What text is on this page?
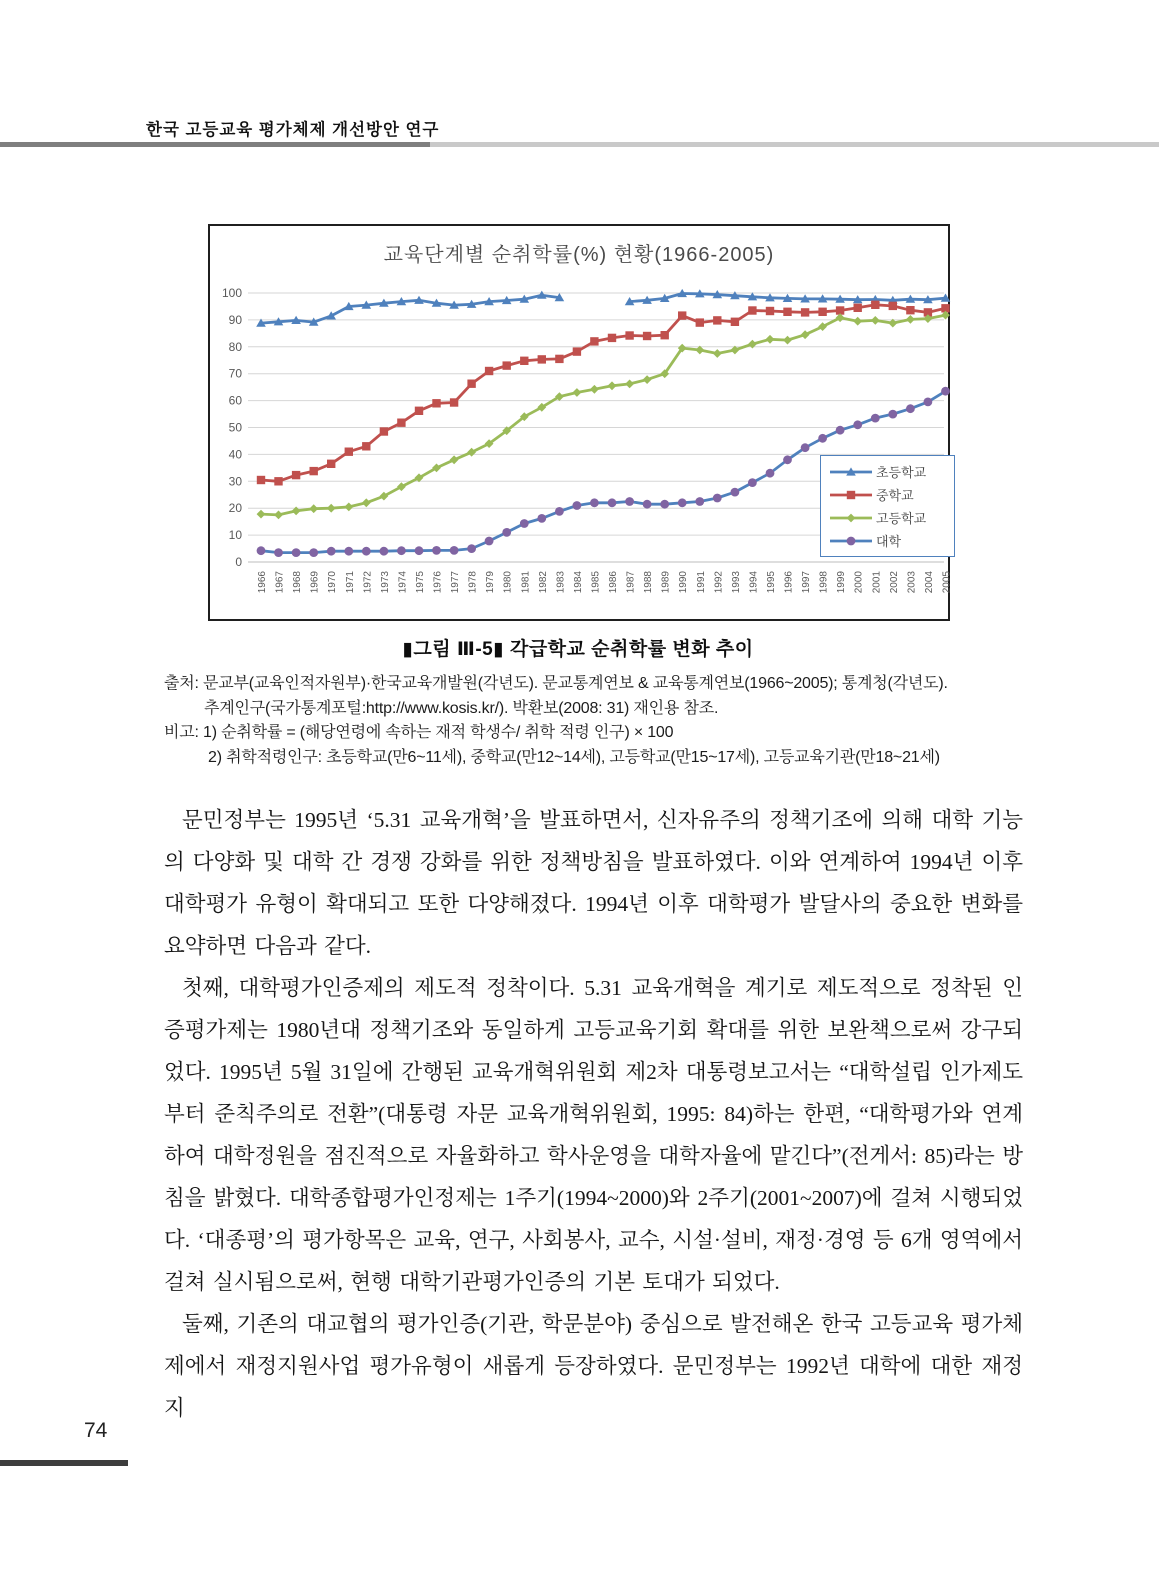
한국 고등교육 평가체제 개선방안 연구
0
10
20
30
40
50
60
70
80
90
100
1966 1967 1968 1969 1970 1971 1972 1973 1974 1975 1976 1977 1978 1979 1980 1981 1982 1983 1984 1985 1986 1987 1988 1989 1990 1991 1992 1993 1994 1995 1996 1997 1998 1999 2000 2001 2002 2003 2004 2005
교육단계별 순취학률(%) 현황(1966-2005)
초등학교
중학교
고등학교
대학
▮그림 Ⅲ-5▮ 각급학교 순취학률 변화 추이
출처: 문교부(교육인적자원부)·한국교육개발원(각년도). 문교통계연보 & 교육통계연보(1966~2005); 통계청(각년도).
추계인구(국가통계포털:http://www.kosis.kr/). 박환보(2008: 31) 재인용 참조.
비고: 1) 순취학률 = (해당연령에 속하는 재적 학생수/ 취학 적령 인구) × 100
2) 취학적령인구: 초등학교(만6~11세), 중학교(만12~14세), 고등학교(만15~17세), 고등교육기관(만18~21세)

문민정부는 1995년 ‘5.31 교육개혁’을 발표하면서, 신자유주의 정책기조에 의해 대학 기능의 다양화 및 대학 간 경쟁 강화를 위한 정책방침을 발표하였다. 이와 연계하여 1994년 이후 대학평가 유형이 확대되고 또한 다양해졌다. 1994년 이후 대학평가 발달사의 중요한 변화를 요약하면 다음과 같다.

첫째, 대학평가인증제의 제도적 정착이다. 5.31 교육개혁을 계기로 제도적으로 정착된 인증평가제는 1980년대 정책기조와 동일하게 고등교육기회 확대를 위한 보완책으로써 강구되었다. 1995년 5월 31일에 간행된 교육개혁위원회 제2차 대통령보고서는 “대학설립 인가제도부터 준칙주의로 전환”(대통령 자문 교육개혁위원회, 1995: 84)하는 한편, “대학평가와 연계하여 대학정원을 점진적으로 자율화하고 학사운영을 대학자율에 맡긴다”(전게서: 85)라는 방침을 밝혔다. 대학종합평가인정제는 1주기(1994~2000)와 2주기(2001~2007)에 걸쳐 시행되었다. ‘대종평’의 평가항목은 교육, 연구, 사회봉사, 교수, 시설·설비, 재정·경영 등 6개 영역에서 걸쳐 실시됨으로써, 현행 대학기관평가인증의 기본 토대가 되었다.

둘째, 기존의 대교협의 평가인증(기관, 학문분야) 중심으로 발전해온 한국 고등교육 평가체제에서 재정지원사업 평가유형이 새롭게 등장하였다. 문민정부는 1992년 대학에 대한 재정지

74
